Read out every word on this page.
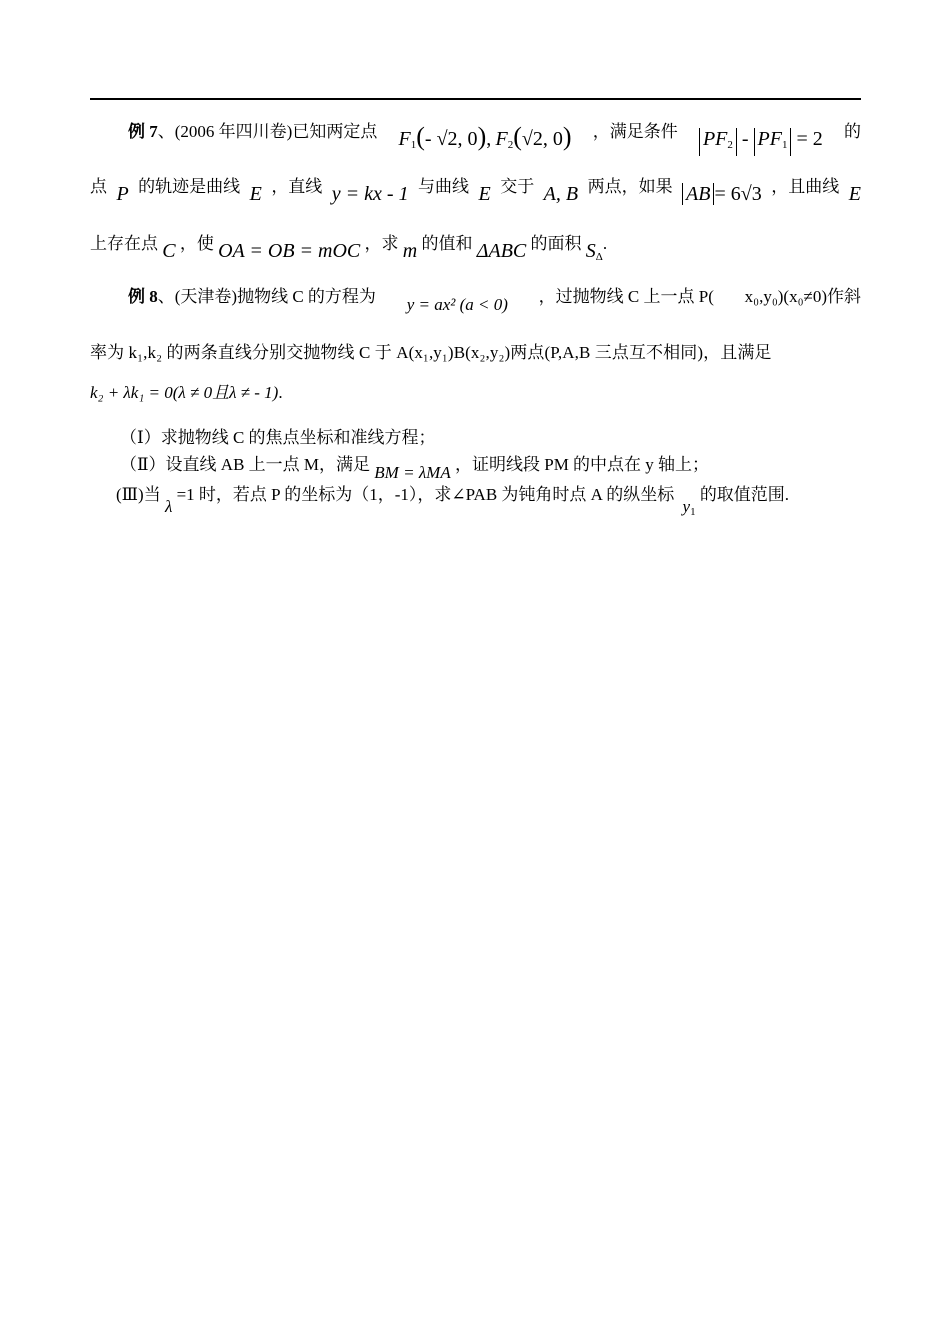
例 7、(2006 年四川卷)已知两定点 $F_1(-$ √2, 0), $F_2(√2$, 0) ，满足条件 $PF_2 - PF_1 = 2$ 的
点 P 的轨迹是曲线 E ，直线 y = kx - 1 与曲线 E 交于 A, B 两点，如果 AB = 6√3 ，且曲线 E
上存在点 C ，使 OA = OB = mOC ，求 m 的值和 ΔABC 的面积 $S_\Delta$.
例 8、(天津卷)抛物线 C 的方程为 y = ax² (a < 0) ，过抛物线 C 上一点 P( x₀,y₀)(x₀≠0)作斜
率为 k₁,k₂ 的两条直线分别交抛物线 C 于 A(x₁,y₁)B(x₂,y₂)两点(P,A,B 三点互不相同)，且满足
k₂ + λk₁ = 0(λ ≠ 0且λ ≠ - 1).
（Ⅰ）求抛物线 C 的焦点坐标和准线方程；
（Ⅱ）设直线 AB 上一点 M，满足 BM = λMA ，证明线段 PM 的中点在 y 轴上；
(Ⅲ)当 λ =1 时，若点 P 的坐标为（1，-1），求∠PAB 为钝角时点 A 的纵坐标 $y_1$ 的取值范围.
